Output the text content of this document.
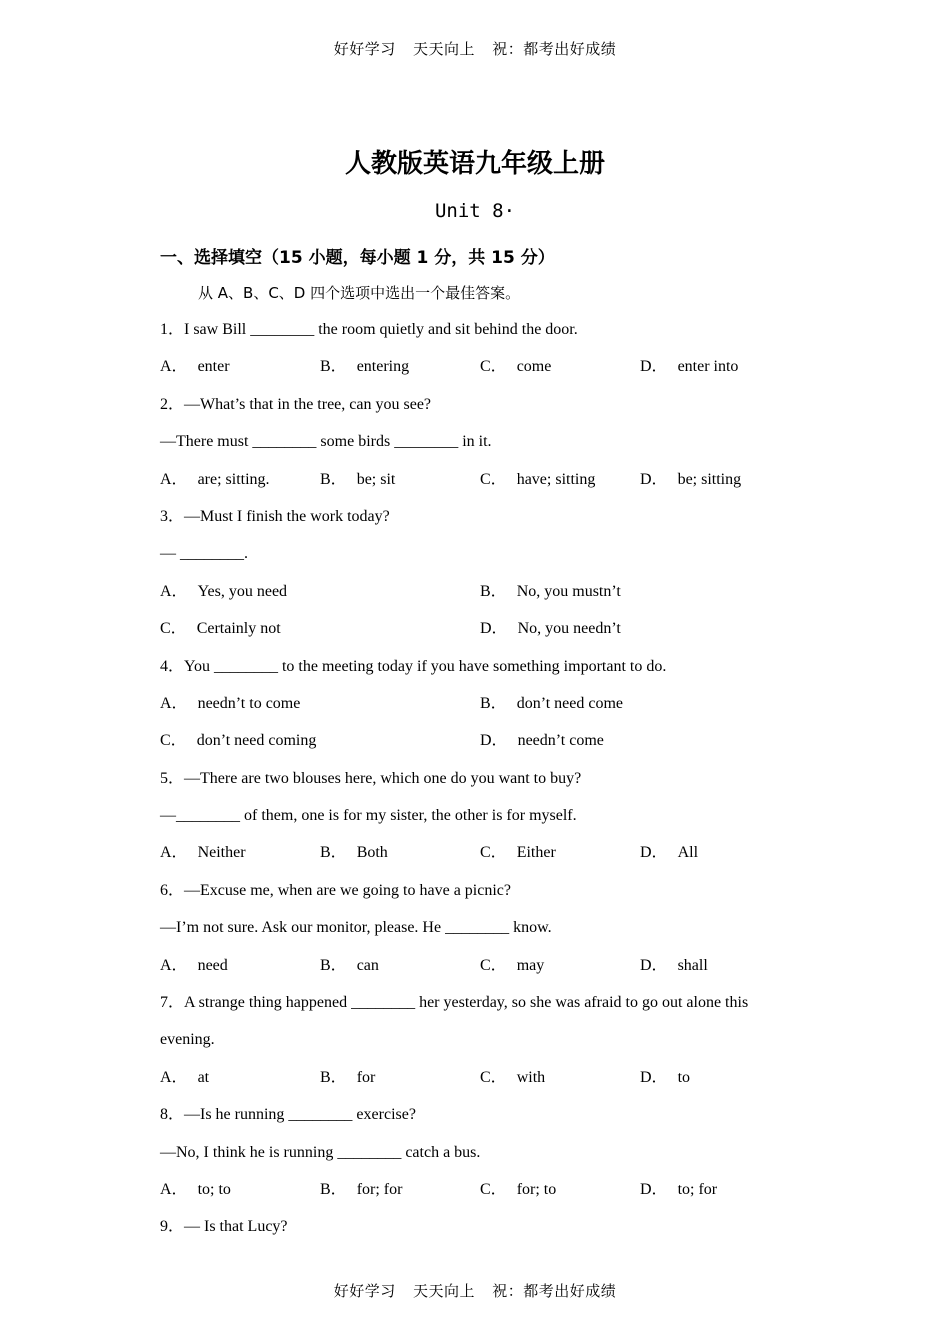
好好学习 天天向上 祝：都考出好成绩
人教版英语九年级上册
Unit 8·
一、选择填空（15 小题，每小题 1 分，共 15 分）
从 A、B、C、D 四个选项中选出一个最佳答案。
1．I saw Bill ________ the room quietly and sit behind the door.
A． enter	B． entering	C． come	D． enter into
2．—What’s that in the tree, can you see?
—There must ________ some birds ________ in it.
A． are; sitting.	B． be; sit	C． have; sitting	D． be; sitting
3．—Must I finish the work today?
— ________.
A． Yes, you need	B． No, you mustn’t
C． Certainly not	D． No, you needn’t
4．You ________ to the meeting today if you have something important to do.
A． needn’t to come	B． don’t need come
C． don’t need coming	D． needn’t come
5．—There are two blouses here, which one do you want to buy?
—________ of them, one is for my sister, the other is for myself.
A． Neither	B． Both	C． Either	D． All
6．—Excuse me, when are we going to have a picnic?
—I’m not sure. Ask our monitor, please. He ________ know.
A． need	B． can	C． may	D． shall
7．A strange thing happened ________ her yesterday, so she was afraid to go out alone this
evening.
A． at	B． for	C． with	D． to
8．—Is he running ________ exercise?
—No, I think he is running ________ catch a bus.
A． to; to	B． for; for	C． for; to	D． to; for
9．— Is that Lucy?
好好学习 天天向上 祝：都考出好成绩
